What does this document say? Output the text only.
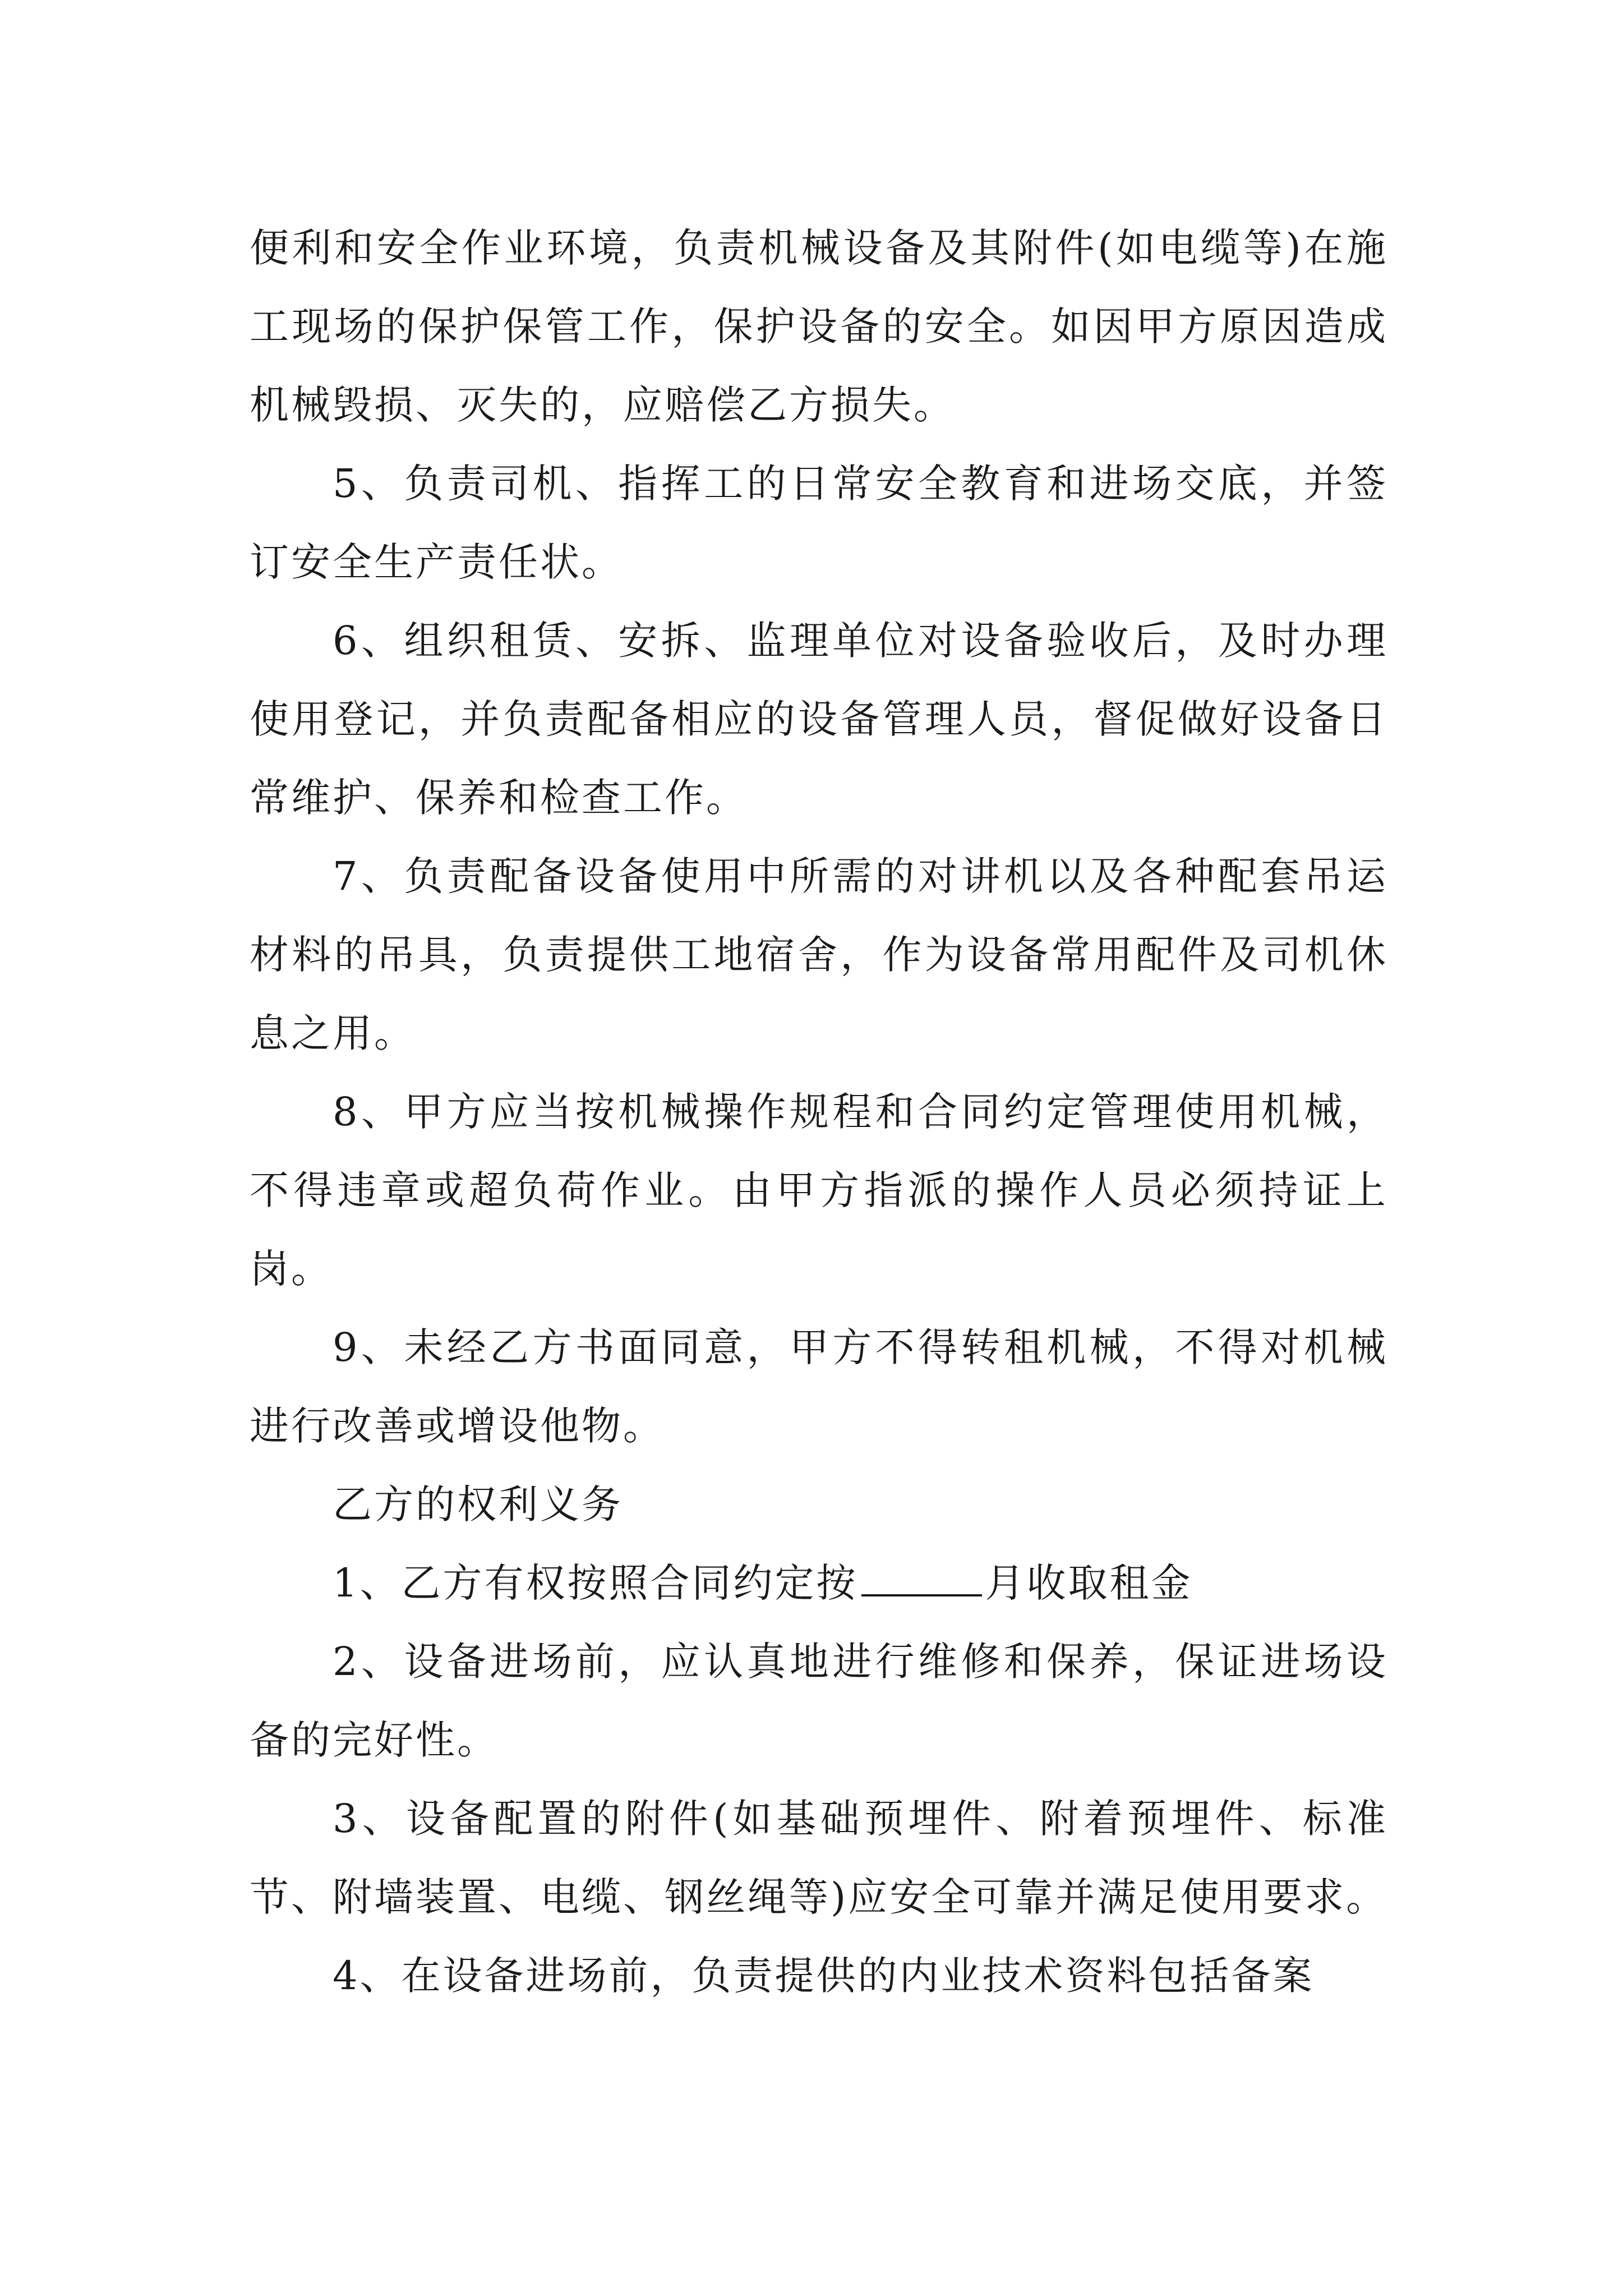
便利和安全作业环境，负责机械设备及其附件(如电缆等)在施工现场的保护保管工作，保护设备的安全。如因甲方原因造成机械毁损、灭失的，应赔偿乙方损失。

5、负责司机、指挥工的日常安全教育和进场交底，并签订安全生产责任状。

6、组织租赁、安拆、监理单位对设备验收后，及时办理使用登记，并负责配备相应的设备管理人员，督促做好设备日常维护、保养和检查工作。

7、负责配备设备使用中所需的对讲机以及各种配套吊运材料的吊具，负责提供工地宿舍，作为设备常用配件及司机休息之用。

8、甲方应当按机械操作规程和合同约定管理使用机械，不得违章或超负荷作业。由甲方指派的操作人员必须持证上岗。

9、未经乙方书面同意，甲方不得转租机械，不得对机械进行改善或增设他物。

乙方的权利义务

1、乙方有权按照合同约定按	月收取租金

2、设备进场前，应认真地进行维修和保养，保证进场设备的完好性。

3、设备配置的附件(如基础预埋件、附着预埋件、标准节、附墙装置、电缆、钢丝绳等)应安全可靠并满足使用要求。

4、在设备进场前，负责提供的内业技术资料包括备案
